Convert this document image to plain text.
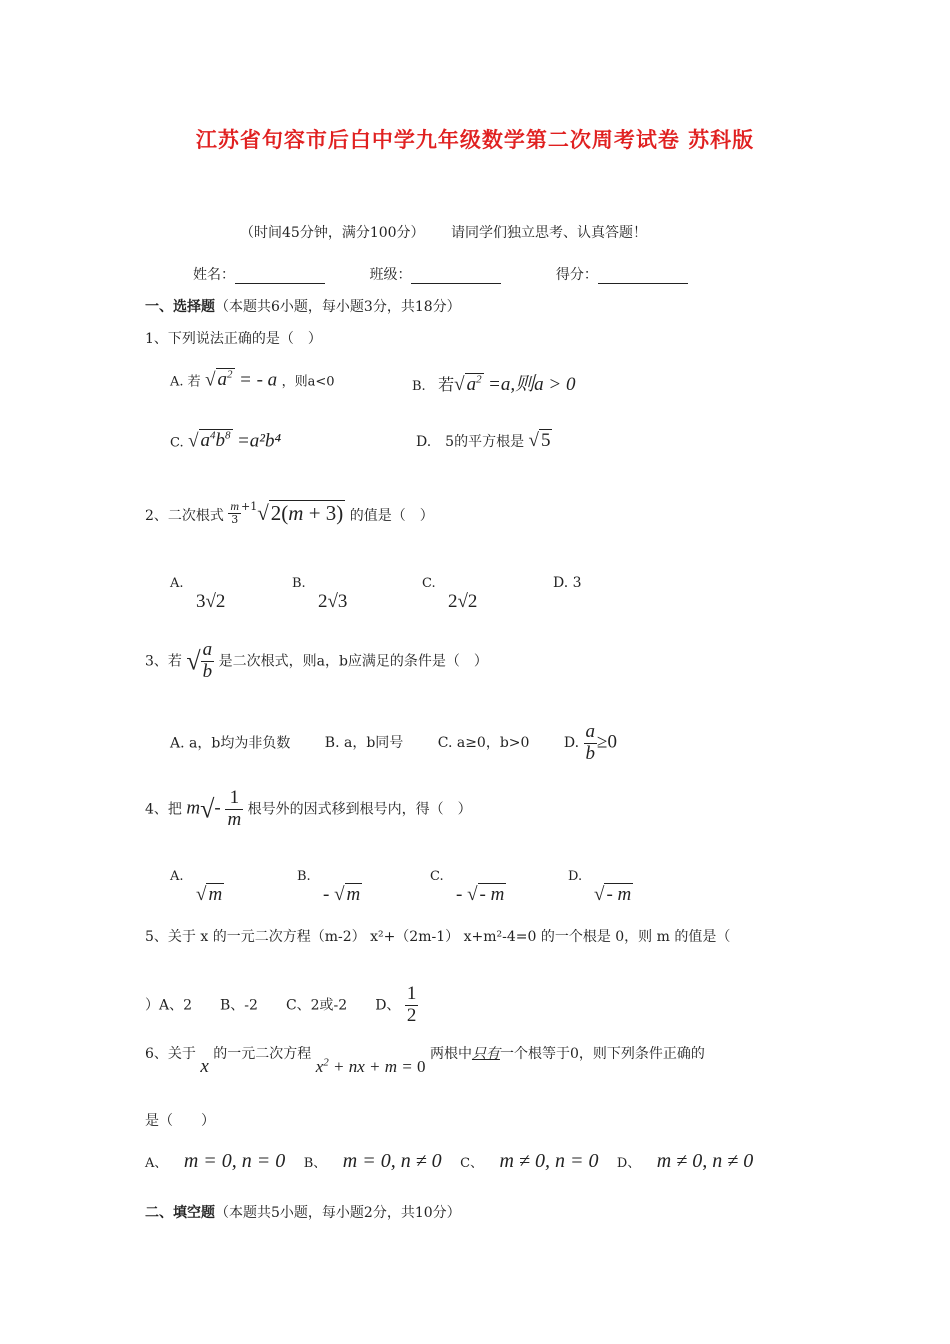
江苏省句容市后白中学九年级数学第二次周考试卷 苏科版
（时间45分钟，满分100分） 请同学们独立思考、认真答题！
姓名：	班级：	得分：
一、选择题（本题共6小题，每小题3分，共18分）
1、下列说法正确的是（　）
A. 若 √ $a^2$ = - a ，则a<0	B. 若√ $a^2 =a$,则a > 0
C. √ $a^4b^8 =a^2b^4$	D.　5的平方根是 √ 5
2、二次根式 $\frac{m}{3} ^{+1}√2(m + 3)$ 的值是（　）
A.
3√2
B.
2√3
C.
2√2
D. 3
3、若 √ $\frac{a}{b}$ 是二次根式，则a，b应满足的条件是（　）
A. a，b均为非负数 B. a，b同号 C. a≥0，b>0 D. $\frac{a}{b} \ge 0$
4、把 $m√- \frac{1}{m}$ 根号外的因式移到根号内，得（　）
A.
√ m
B.
- √ m
C.
- √ - m
D.
√ - m
5、关于 x 的一元二次方程（m-2） x²+（2m-1） x+m²-4=0 的一个根是 0，则 m 的值是（
）A、2　　B、-2　　C、2或-2　　D、 $\frac{1}{2}$
6、关于 x 的一元二次方程 $x^2$ + nx + m = 0 两根中只有一个根等于0，则下列条件正确的
是（　　）
A、 m = 0, n = 0 B、 m = 0, n ≠ 0 C、 m ≠ 0, n = 0 D、 m ≠ 0, n ≠ 0
二、填空题（本题共5小题，每小题2分，共10分）
